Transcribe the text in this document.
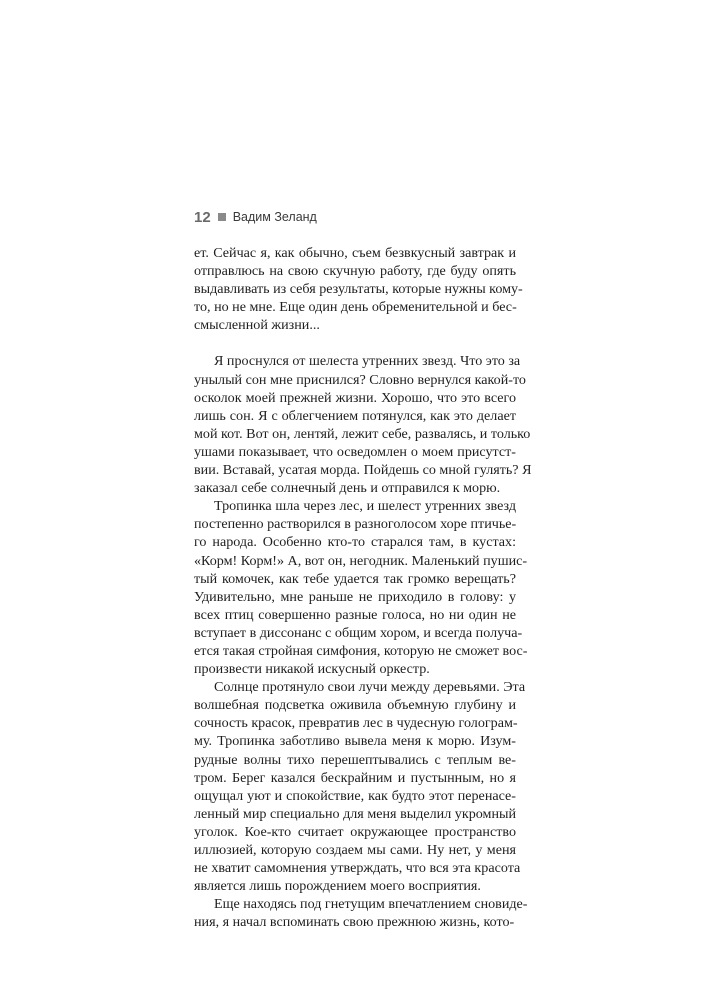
12 Вадим Зеланд
ет. Сейчас я, как обычно, съем безвкусный завтрак и
отправлюсь на свою скучную работу, где буду опять
выдавливать из себя результаты, которые нужны кому-
то, но не мне. Еще один день обременительной и бес-
смысленной жизни...
Я проснулся от шелеста утренних звезд. Что это за
унылый сон мне приснился? Словно вернулся какой-то
осколок моей прежней жизни. Хорошо, что это всего
лишь сон. Я с облегчением потянулся, как это делает
мой кот. Вот он, лентяй, лежит себе, развалясь, и только
ушами показывает, что осведомлен о моем присутст-
вии. Вставай, усатая морда. Пойдешь со мной гулять? Я
заказал себе солнечный день и отправился к морю.
Тропинка шла через лес, и шелест утренних звезд
постепенно растворился в разноголосом хоре птичье-
го народа. Особенно кто-то старался там, в кустах:
«Корм! Корм!» А, вот он, негодник. Маленький пушис-
тый комочек, как тебе удается так громко верещать?
Удивительно, мне раньше не приходило в голову: у
всех птиц совершенно разные голоса, но ни один не
вступает в диссонанс с общим хором, и всегда получа-
ется такая стройная симфония, которую не сможет вос-
произвести никакой искусный оркестр.
Солнце протянуло свои лучи между деревьями. Эта
волшебная подсветка оживила объемную глубину и
сочность красок, превратив лес в чудесную голограм-
му. Тропинка заботливо вывела меня к морю. Изум-
рудные волны тихо перешептывались с теплым ве-
тром. Берег казался бескрайним и пустынным, но я
ощущал уют и спокойствие, как будто этот перенасе-
ленный мир специально для меня выделил укромный
уголок. Кое-кто считает окружающее пространство
иллюзией, которую создаем мы сами. Ну нет, у меня
не хватит самомнения утверждать, что вся эта красота
является лишь порождением моего восприятия.
Еще находясь под гнетущим впечатлением сновиде-
ния, я начал вспоминать свою прежнюю жизнь, кото-
